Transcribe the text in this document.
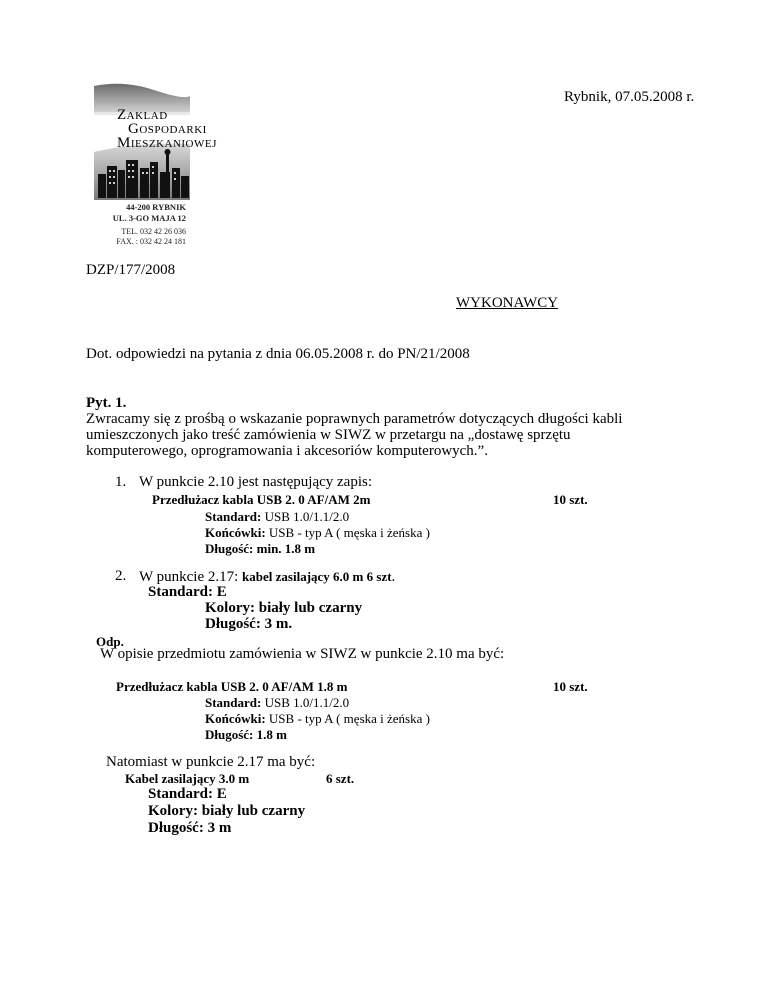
Rybnik, 07.05.2008 r.
ZAKLAD
GOSPODARKI
MIESZKANIOWEJ
44-200 RYBNIK
UL. 3-GO MAJA 12
TEL. 032 42 26 036
FAX. : 032 42 24 181
DZP/177/2008
WYKONAWCY
Dot. odpowiedzi na pytania z dnia 06.05.2008 r. do PN/21/2008
Pyt. 1.
Zwracamy się z prośbą o wskazanie poprawnych parametrów dotyczących długości kabli
umieszczonych jako treść zamówienia w SIWZ w przetargu na „dostawę sprzętu
komputerowego, oprogramowania i akcesoriów komputerowych.”.
1. W punkcie 2.10 jest następujący zapis:
Przedłużacz kabla USB 2. 0 AF/AM 2m	10 szt.
Standard: USB 1.0/1.1/2.0
Końcówki: USB - typ A ( męska i żeńska )
Długość: min. 1.8 m
2. W punkcie 2.17: kabel zasilający 6.0 m 6 szt.
Standard: E
Kolory: biały lub czarny
Długość: 3 m.
Odp.
W opisie przedmiotu zamówienia w SIWZ w punkcie 2.10 ma być:
Przedłużacz kabla USB 2. 0 AF/AM 1.8 m	10 szt.
Standard: USB 1.0/1.1/2.0
Końcówki: USB - typ A ( męska i żeńska )
Długość: 1.8 m
Natomiast w punkcie 2.17 ma być:
Kabel zasilający 3.0 m	6 szt.
Standard: E
Kolory: biały lub czarny
Długość: 3 m
